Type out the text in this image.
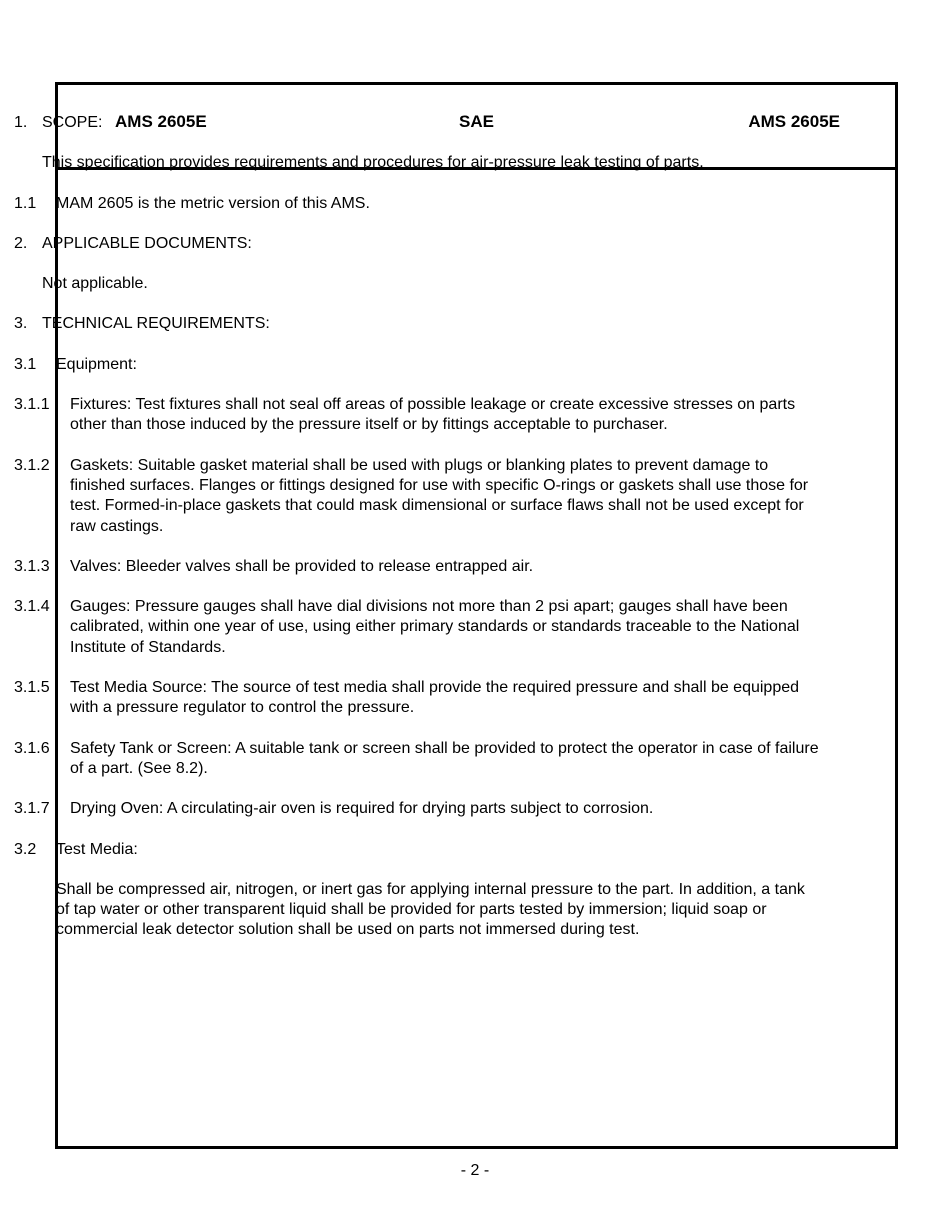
AMS 2605E	SAE	AMS 2605E
1. SCOPE:
This specification provides requirements and procedures for air-pressure leak testing of parts.
1.1	MAM 2605 is the metric version of this AMS.
2. APPLICABLE DOCUMENTS:
Not applicable.
3. TECHNICAL REQUIREMENTS:
3.1	Equipment:
3.1.1	Fixtures: Test fixtures shall not seal off areas of possible leakage or create excessive stresses on parts other than those induced by the pressure itself or by fittings acceptable to purchaser.
3.1.2	Gaskets: Suitable gasket material shall be used with plugs or blanking plates to prevent damage to finished surfaces. Flanges or fittings designed for use with specific O-rings or gaskets shall use those for test. Formed-in-place gaskets that could mask dimensional or surface flaws shall not be used except for raw castings.
3.1.3	Valves: Bleeder valves shall be provided to release entrapped air.
3.1.4	Gauges: Pressure gauges shall have dial divisions not more than 2 psi apart; gauges shall have been calibrated, within one year of use, using either primary standards or standards traceable to the National Institute of Standards.
3.1.5	Test Media Source: The source of test media shall provide the required pressure and shall be equipped with a pressure regulator to control the pressure.
3.1.6	Safety Tank or Screen: A suitable tank or screen shall be provided to protect the operator in case of failure of a part. (See 8.2).
3.1.7	Drying Oven: A circulating-air oven is required for drying parts subject to corrosion.
3.2	Test Media:
Shall be compressed air, nitrogen, or inert gas for applying internal pressure to the part. In addition, a tank of tap water or other transparent liquid shall be provided for parts tested by immersion; liquid soap or commercial leak detector solution shall be used on parts not immersed during test.
- 2 -
